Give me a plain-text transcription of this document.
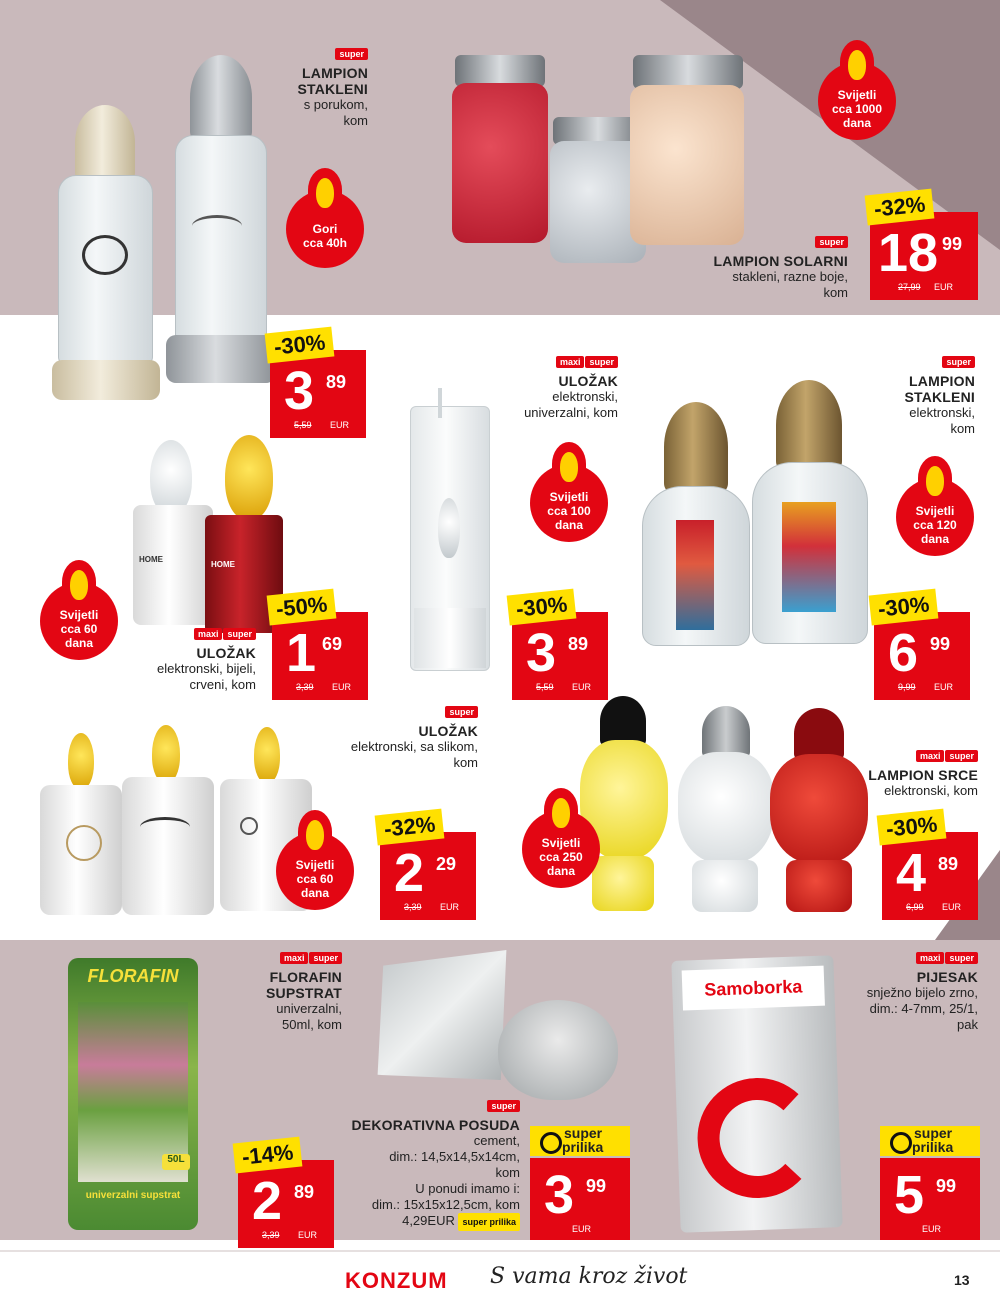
super
LAMPION
STAKLENI
s porukom,
kom
Gori
cca 40h
-30%
3 89
5,59 EUR
Svijetli
cca 1000
dana
super
LAMPION SOLARNI
stakleni, razne boje,
kom
-32%
18 99
27,99 EUR
HOME
HOME
Svijetli
cca 60
dana
maxi super
ULOŽAK
elektronski, bijeli,
crveni, kom
-50%
1 69
3,39 EUR
maxi super
ULOŽAK
elektronski,
univerzalni, kom
Svijetli
cca 100
dana
-30%
3 89
5,59 EUR
super
LAMPION
STAKLENI
elektronski,
kom
Svijetli
cca 120
dana
-30%
6 99
9,99 EUR
super
ULOŽAK
elektronski, sa slikom,
kom
Svijetli
cca 60
dana
-32%
2 29
3,39 EUR
maxi super
LAMPION SRCE
elektronski, kom
Svijetli
cca 250
dana
-30%
4 89
6,99 EUR
FLORAFIN
50L
univerzalni supstrat
maxi super
FLORAFIN
SUPSTRAT
univerzalni,
50ml, kom
-14%
2 89
3,39 EUR
super
DEKORATIVNA POSUDA
cement,
dim.: 14,5x14,5x14cm,
kom
U ponudi imamo i:
dim.: 15x15x12,5cm, kom
4,29EUR super prilika
super
prilika
3 99
EUR
Samoborka
maxi super
PIJESAK
snježno bijelo zrno,
dim.: 4-7mm, 25/1,
pak
super
prilika
5 99
EUR
KONZUM S vama kroz život	13
